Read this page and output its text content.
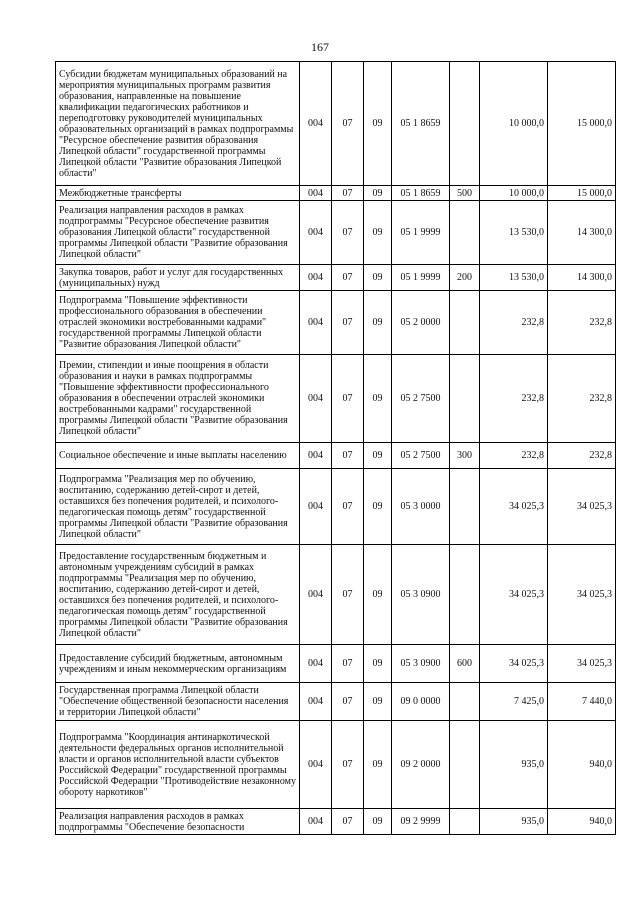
167
Субсидии бюджетам муниципальных образований на мероприятия муниципальных программ развития образования, направленные на повышение квалификации педагогических работников и переподготовку руководителей муниципальных образовательных организаций в рамках подпрограммы "Ресурсное обеспечение развития образования Липецкой области" государственной программы Липецкой области "Развитие образования Липецкой области"	004	07	09	05 1 8659		10 000,0	15 000,0
Межбюджетные трансферты	004	07	09	05 1 8659	500	10 000,0	15 000,0
Реализация направления расходов в рамках подпрограммы "Ресурсное обеспечение развития образования Липецкой области" государственной программы Липецкой области "Развитие образования Липецкой области"	004	07	09	05 1 9999		13 530,0	14 300,0
Закупка товаров, работ и услуг для государственных (муниципальных) нужд	004	07	09	05 1 9999	200	13 530,0	14 300,0
Подпрограмма "Повышение эффективности профессионального образования в обеспечении отраслей экономики востребованными кадрами" государственной программы Липецкой области "Развитие образования Липецкой области"	004	07	09	05 2 0000		232,8	232,8
Премии, стипендии и иные поощрения в области образования и науки в рамках подпрограммы "Повышение эффективности профессионального образования в обеспечении отраслей экономики востребованными кадрами" государственной программы Липецкой области "Развитие образования Липецкой области"	004	07	09	05 2 7500		232,8	232,8
Социальное обеспечение и иные выплаты населению	004	07	09	05 2 7500	300	232,8	232,8
Подпрограмма "Реализация мер по обучению, воспитанию, содержанию детей-сирот и детей, оставшихся без попечения родителей, и психолого-педагогическая помощь детям" государственной программы Липецкой области "Развитие образования Липецкой области"	004	07	09	05 3 0000		34 025,3	34 025,3
Предоставление государственным бюджетным и автономным учреждениям субсидий в рамках подпрограммы "Реализация мер по обучению, воспитанию, содержанию детей-сирот и детей, оставшихся без попечения родителей, и психолого-педагогическая помощь детям" государственной программы Липецкой области "Развитие образования Липецкой области"	004	07	09	05 3 0900		34 025,3	34 025,3
Предоставление субсидий бюджетным, автономным учреждениям и иным некоммерческим организациям	004	07	09	05 3 0900	600	34 025,3	34 025,3
Государственная программа Липецкой области "Обеспечение общественной безопасности населения и территории Липецкой области"	004	07	09	09 0 0000		7 425,0	7 440,0
Подпрограмма "Координация антинаркотической деятельности федеральных органов исполнительной власти и органов исполнительной власти субъектов Российской Федерации" государственной программы Российской Федерации "Противодействие незаконному обороту наркотиков"	004	07	09	09 2 0000		935,0	940,0
Реализация направления расходов в рамках подпрограммы "Обеспечение безопасности	004	07	09	09 2 9999		935,0	940,0
